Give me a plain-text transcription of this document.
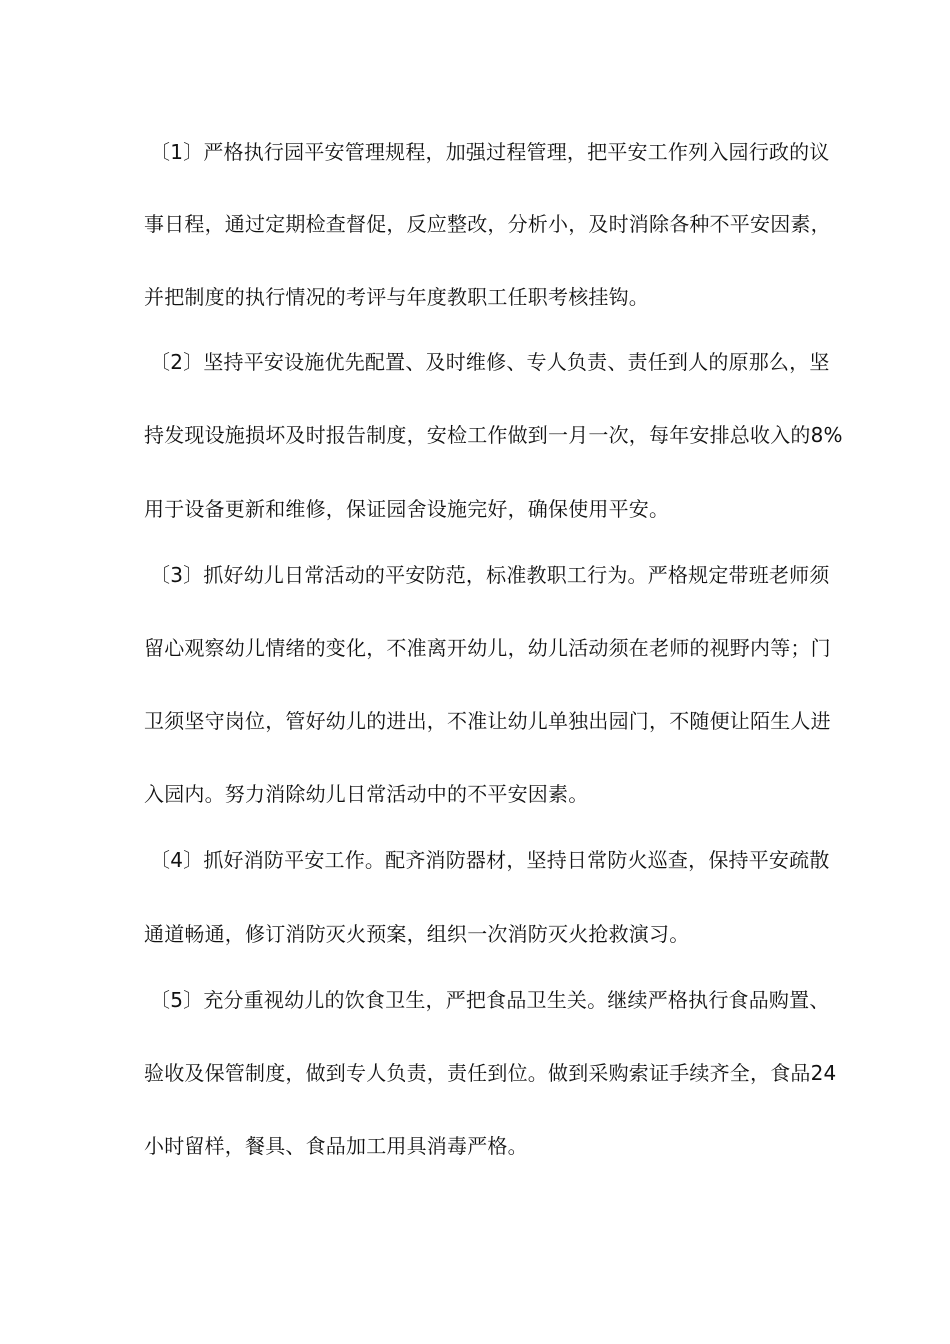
〔1〕严格执行园平安管理规程，加强过程管理，把平安工作列入园行政的议
事日程，通过定期检查督促，反应整改，分析小，及时消除各种不平安因素，
并把制度的执行情况的考评与年度教职工任职考核挂钩。
〔2〕坚持平安设施优先配置、及时维修、专人负责、责任到人的原那么，坚
持发现设施损坏及时报告制度，安检工作做到一月一次，每年安排总收入的8%
用于设备更新和维修，保证园舍设施完好，确保使用平安。
〔3〕抓好幼儿日常活动的平安防范，标准教职工行为。严格规定带班老师须
留心观察幼儿情绪的变化，不准离开幼儿，幼儿活动须在老师的视野内等；门
卫须坚守岗位，管好幼儿的进出，不准让幼儿单独出园门，不随便让陌生人进
入园内。努力消除幼儿日常活动中的不平安因素。
〔4〕抓好消防平安工作。配齐消防器材，坚持日常防火巡查，保持平安疏散
通道畅通，修订消防灭火预案，组织一次消防灭火抢救演习。
〔5〕充分重视幼儿的饮食卫生，严把食品卫生关。继续严格执行食品购置、
验收及保管制度，做到专人负责，责任到位。做到采购索证手续齐全，食品24
小时留样，餐具、食品加工用具消毒严格。
